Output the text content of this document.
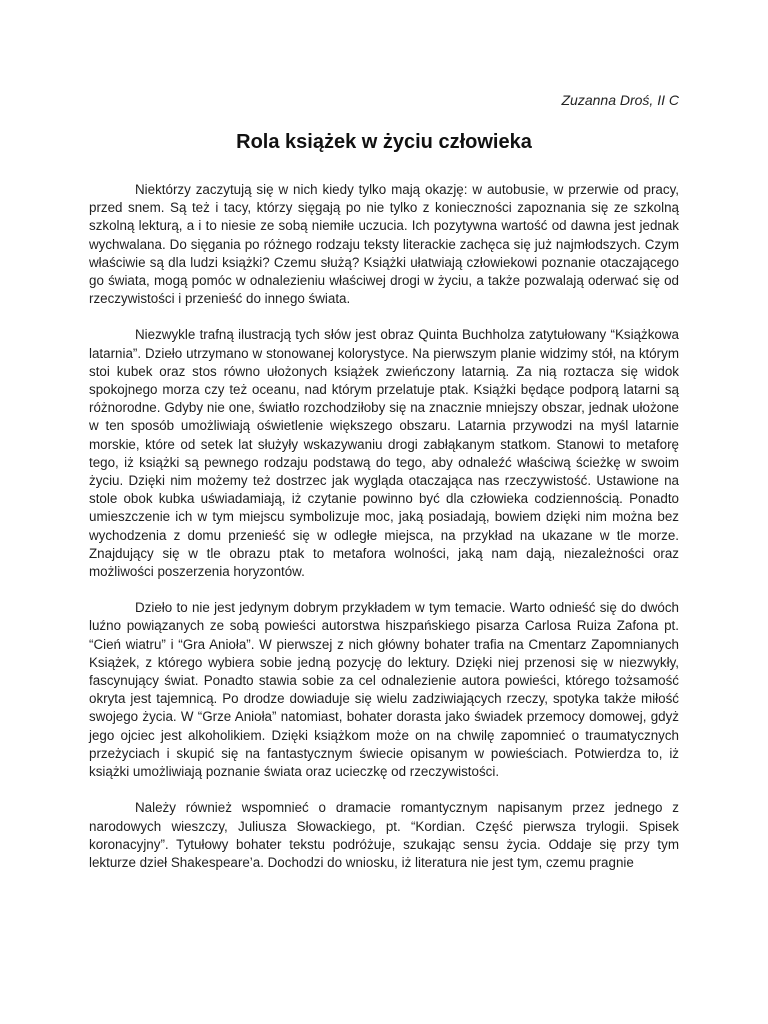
Zuzanna Droś, II C

Rola książek w życiu człowieka

Niektórzy zaczytują się w nich kiedy tylko mają okazję: w autobusie, w przerwie od pracy, przed snem. Są też i tacy, którzy sięgają po nie tylko z konieczności zapoznania się ze szkolną szkolną lekturą, a i to niesie ze sobą niemiłe uczucia. Ich pozytywna wartość od dawna jest jednak wychwalana. Do sięgania po różnego rodzaju teksty literackie zachęca się już najmłodszych. Czym właściwie są dla ludzi książki? Czemu służą? Książki ułatwiają człowiekowi poznanie otaczającego go świata, mogą pomóc w odnalezieniu właściwej drogi w życiu, a także pozwalają oderwać się od rzeczywistości i przenieść do innego świata.

Niezwykle trafną ilustracją tych słów jest obraz Quinta Buchholza zatytułowany “Książkowa latarnia”. Dzieło utrzymano w stonowanej kolorystyce. Na pierwszym planie widzimy stół, na którym stoi kubek oraz stos równo ułożonych książek zwieńczony latarnią. Za nią roztacza się widok spokojnego morza czy też oceanu, nad którym przelatuje ptak. Książki będące podporą latarni są różnorodne. Gdyby nie one, światło rozchodziłoby się na znacznie mniejszy obszar, jednak ułożone w ten sposób umożliwiają oświetlenie większego obszaru. Latarnia przywodzi na myśl latarnie morskie, które od setek lat służyły wskazywaniu drogi zabłąkanym statkom. Stanowi to metaforę tego, iż książki są pewnego rodzaju podstawą do tego, aby odnaleźć właściwą ścieżkę w swoim życiu. Dzięki nim możemy też dostrzec jak wygląda otaczająca nas rzeczywistość. Ustawione na stole obok kubka uświadamiają, iż czytanie powinno być dla człowieka codziennością. Ponadto umieszczenie ich w tym miejscu symbolizuje moc, jaką posiadają, bowiem dzięki nim można bez wychodzenia z domu przenieść się w odległe miejsca, na przykład na ukazane w tle morze. Znajdujący się w tle obrazu ptak to metafora wolności, jaką nam dają, niezależności oraz możliwości poszerzenia horyzontów.

Dzieło to nie jest jedynym dobrym przykładem w tym temacie. Warto odnieść się do dwóch luźno powiązanych ze sobą powieści autorstwa hiszpańskiego pisarza Carlosa Ruiza Zafona pt. “Cień wiatru” i “Gra Anioła”. W pierwszej z nich główny bohater trafia na Cmentarz Zapomnianych Książek, z którego wybiera sobie jedną pozycję do lektury. Dzięki niej przenosi się w niezwykły, fascynujący świat. Ponadto stawia sobie za cel odnalezienie autora powieści, którego tożsamość okryta jest tajemnicą. Po drodze dowiaduje się wielu zadziwiających rzeczy, spotyka także miłość swojego życia. W “Grze Anioła” natomiast, bohater dorasta jako świadek przemocy domowej, gdyż jego ojciec jest alkoholikiem. Dzięki książkom może on na chwilę zapomnieć o traumatycznych przeżyciach i skupić się na fantastycznym świecie opisanym w powieściach. Potwierdza to, iż książki umożliwiają poznanie świata oraz ucieczkę od rzeczywistości.

Należy również wspomnieć o dramacie romantycznym napisanym przez jednego z narodowych wieszczy, Juliusza Słowackiego, pt. “Kordian. Część pierwsza trylogii. Spisek koronacyjny”. Tytułowy bohater tekstu podróżuje, szukając sensu życia. Oddaje się przy tym lekturze dzieł Shakespeare’a. Dochodzi do wniosku, iż literatura nie jest tym, czemu pragnie
